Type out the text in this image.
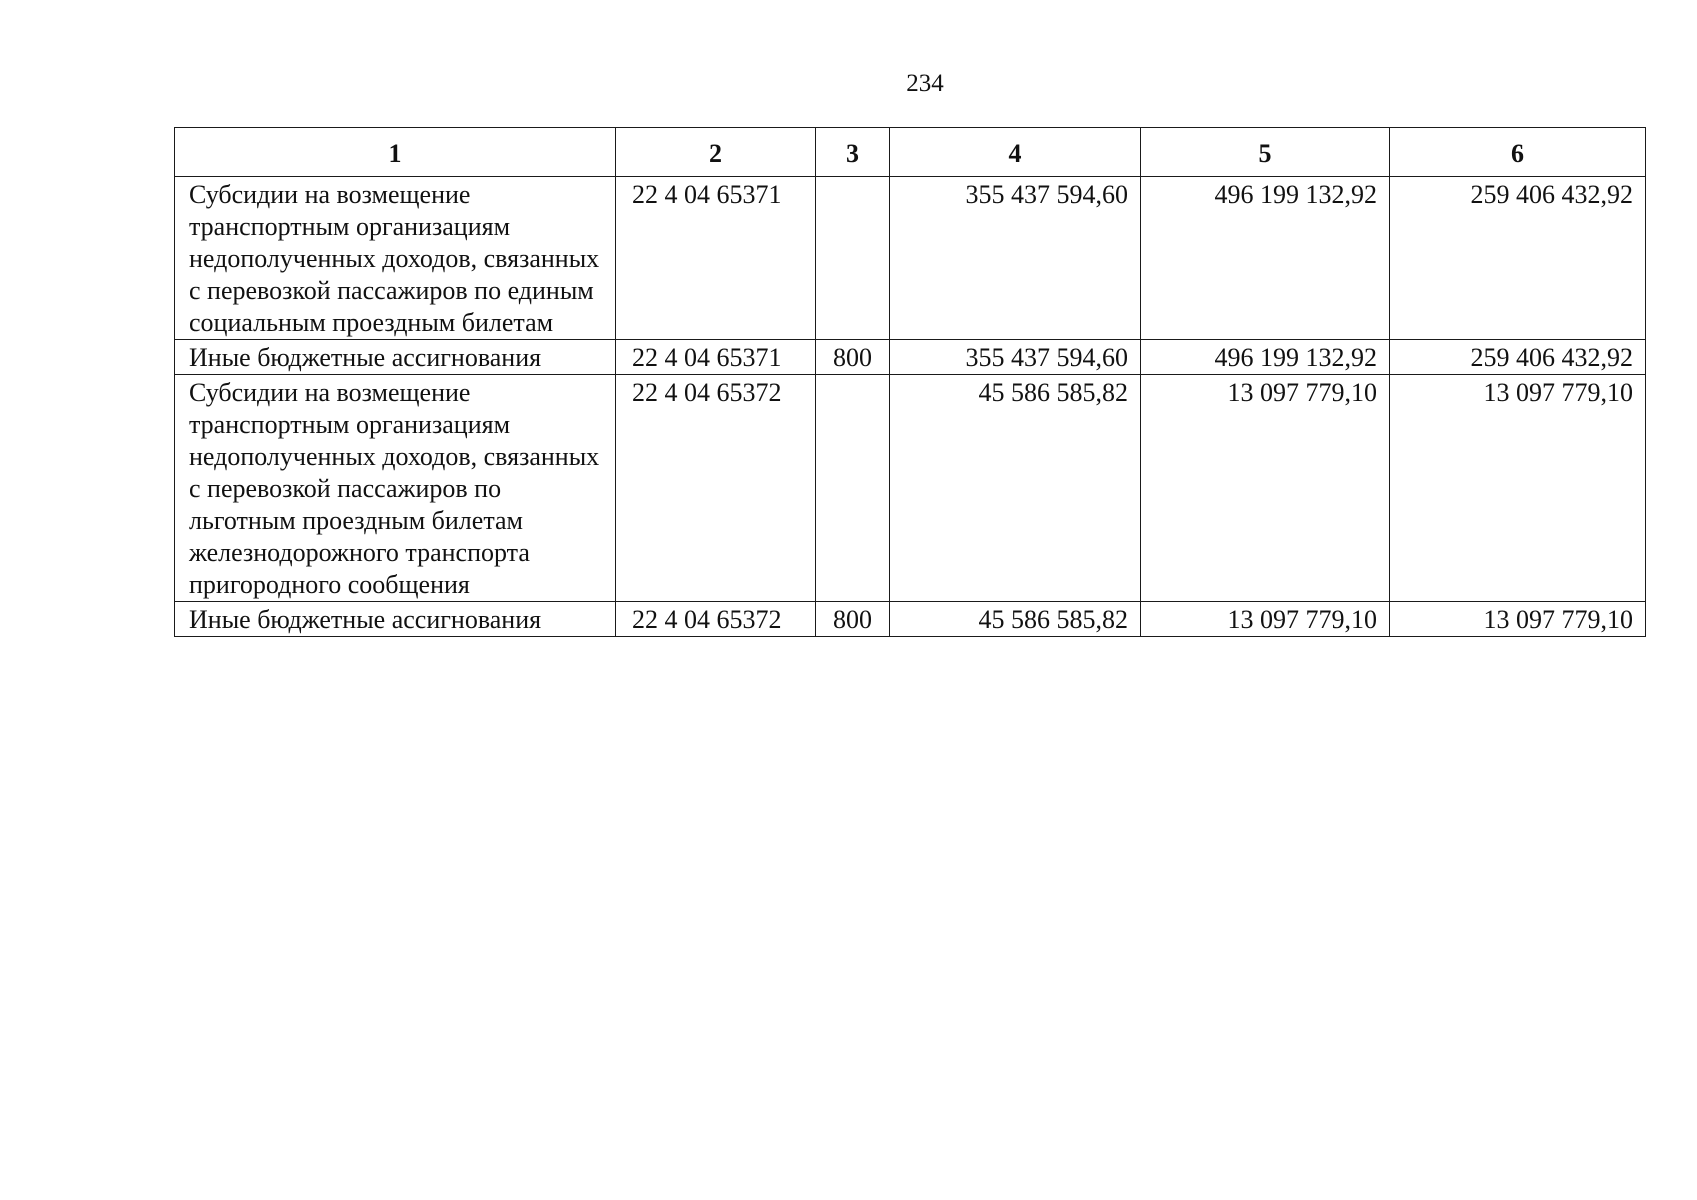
234
1	2	3	4	5	6
Субсидии на возмещение транспортным организациям недополученных доходов, связанных с перевозкой пассажиров по единым социальным проездным билетам	22 4 04 65371		355 437 594,60	496 199 132,92	259 406 432,92
Иные бюджетные ассигнования	22 4 04 65371	800	355 437 594,60	496 199 132,92	259 406 432,92
Субсидии на возмещение транспортным организациям недополученных доходов, связанных с перевозкой пассажиров по льготным проездным билетам железнодорожного транспорта пригородного сообщения	22 4 04 65372		45 586 585,82	13 097 779,10	13 097 779,10
Иные бюджетные ассигнования	22 4 04 65372	800	45 586 585,82	13 097 779,10	13 097 779,10
